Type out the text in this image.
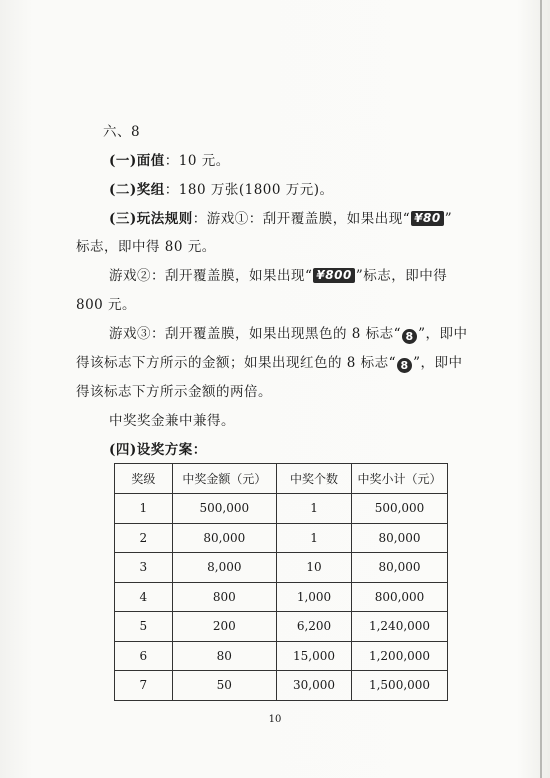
六、8
(一)面值：10 元。
(二)奖组：180 万张(1800 万元)。
(三)玩法规则：游戏①：刮开覆盖膜，如果出现“ ¥80 ”
标志，即中得 80 元。
游戏②：刮开覆盖膜，如果出现“ ¥800 ”标志，即中得
800 元。
游戏③：刮开覆盖膜，如果出现黑色的 8 标志“ 8 ”，即中
得该标志下方所示的金额；如果出现红色的 8 标志“ 8 ”，即中
得该标志下方所示金额的两倍。
中奖奖金兼中兼得。
(四)设奖方案：
奖级	中奖金额（元）	中奖个数	中奖小计（元）
1	500,000	1	500,000
2	80,000	1	80,000
3	8,000	10	80,000
4	800	1,000	800,000
5	200	6,200	1,240,000
6	80	15,000	1,200,000
7	50	30,000	1,500,000
10
